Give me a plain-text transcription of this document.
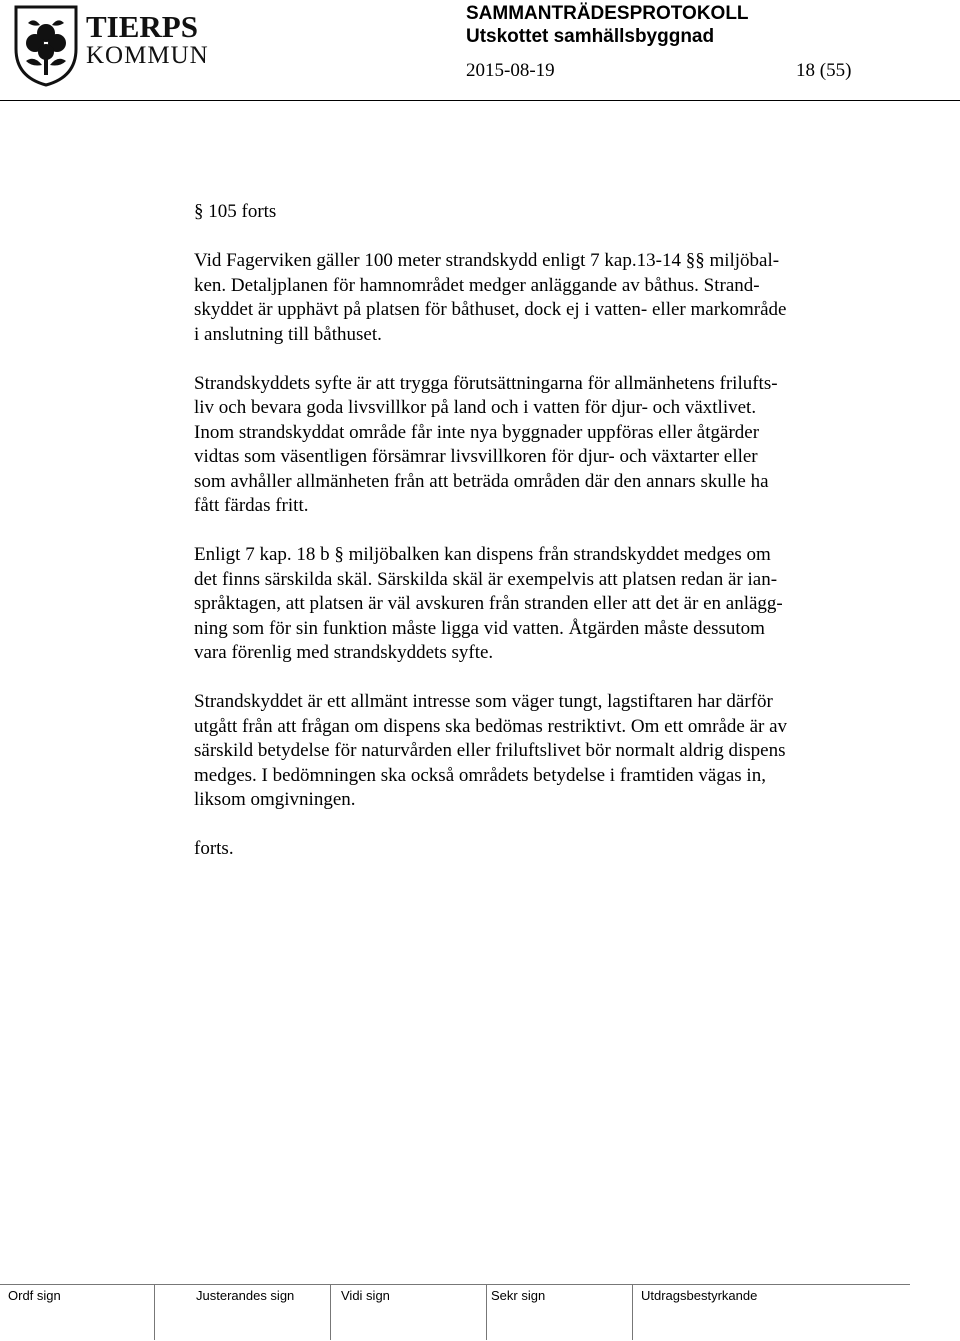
TIERPS
KOMMUN
SAMMANTRÄDESPROTOKOLL
Utskottet samhällsbyggnad
2015-08-19	18 (55)

§ 105 forts

Vid Fagerviken gäller 100 meter strandskydd enligt 7 kap.13-14 §§ miljöbal-
ken. Detaljplanen för hamnområdet medger anläggande av båthus. Strand-
skyddet är upphävt på platsen för båthuset, dock ej i vatten- eller markområde
i anslutning till båthuset.

Strandskyddets syfte är att trygga förutsättningarna för allmänhetens frilufts-
liv och bevara goda livsvillkor på land och i vatten för djur- och växtlivet.
Inom strandskyddat område får inte nya byggnader uppföras eller åtgärder
vidtas som väsentligen försämrar livsvillkoren för djur- och växtarter eller
som avhåller allmänheten från att beträda områden där den annars skulle ha
fått färdas fritt.

Enligt 7 kap. 18 b § miljöbalken kan dispens från strandskyddet medges om
det finns särskilda skäl. Särskilda skäl är exempelvis att platsen redan är ian-
språktagen, att platsen är väl avskuren från stranden eller att det är en anlägg-
ning som för sin funktion måste ligga vid vatten. Åtgärden måste dessutom
vara förenlig med strandskyddets syfte.

Strandskyddet är ett allmänt intresse som väger tungt, lagstiftaren har därför
utgått från att frågan om dispens ska bedömas restriktivt. Om ett område är av
särskild betydelse för naturvården eller friluftslivet bör normalt aldrig dispens
medges. I bedömningen ska också områdets betydelse i framtiden vägas in,
liksom omgivningen.

forts.

Ordf sign	Justerandes sign	Vidi sign	Sekr sign	Utdragsbestyrkande
